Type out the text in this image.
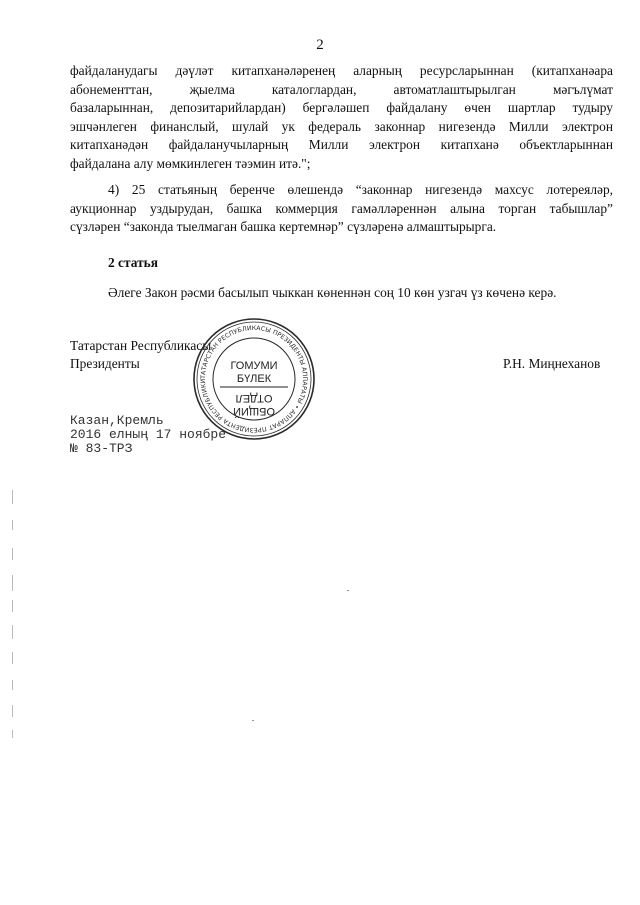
2
файдаланудагы дәүләт китапханәләренең аларның ресурсларыннан (китапханәара
абонементтан, җыелма каталоглардан, автоматлаштырылган мәгълүмат
базаларыннан, депозитарийлардан) бергәләшеп файдалану өчен шартлар тудыру
эшчәнлеген финанслый, шулай ук федераль законнар нигезендә Милли электрон
китапханәдән файдаланучыларның Милли электрон китапханә объектларыннан
файдалана алу мөмкинлеген тәэмин итә.";
4) 25 статьяның беренче өлешендә “законнар нигезендә махсус лотереяләр,
аукционнар уздырудан, башка коммерция гамәлләреннән алына торган табышлар”
сүзләрен “законда тыелмаган башка кертемнәр” сүзләренә алмаштырырга.
2 статья
Әлеге Закон рәсми басылып чыккан көненнән соң 10 көн узгач үз көченә керә.
Татарстан Республикасы
Президенты	Р.Н. Миңнеханов
ТАТАРСТАН РЕСПУБЛИКАСЫ ПРЕЗИДЕНТЫ АППАРАТЫ • АППАРАТ ПРЕЗИДЕНТА РЕСПУБЛИКИ
ГОМУМИ
БҮЛЕК
ОТДЕЛ
ОБЩИЙ
Казан,Кремль
2016 елның 17 ноябре
№ 83-ТРЗ
